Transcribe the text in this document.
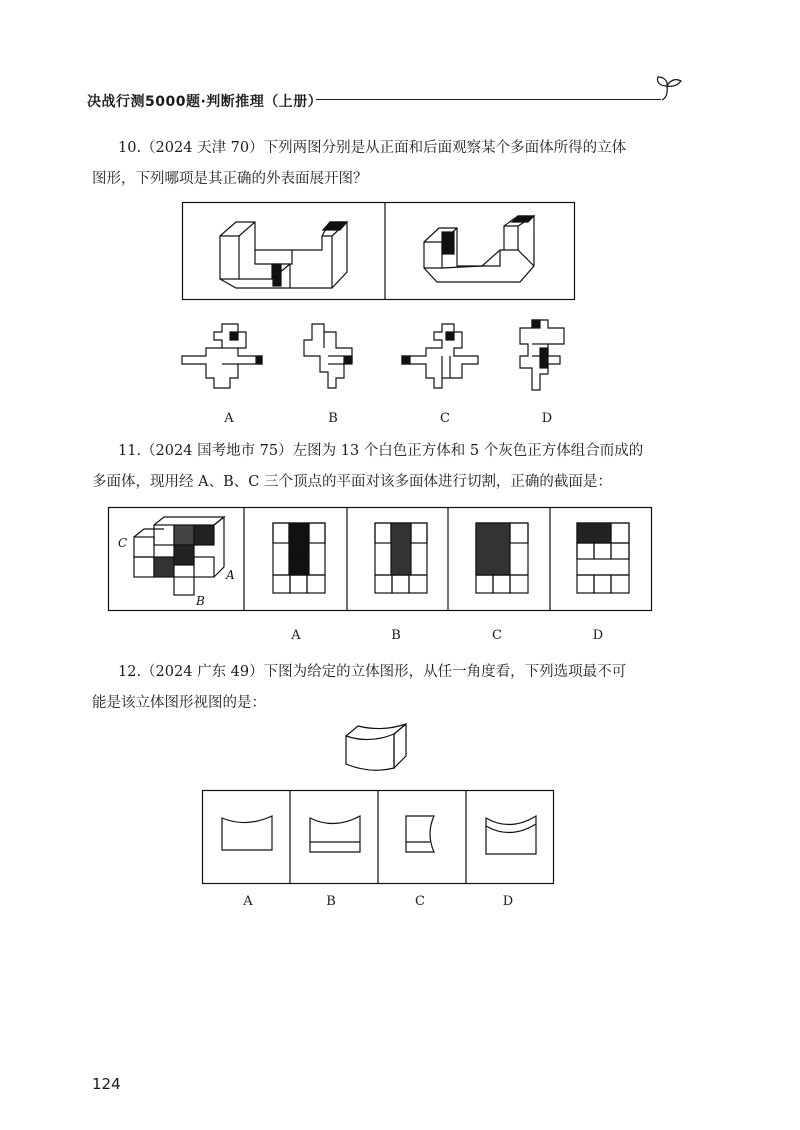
决战行测5000题·判断推理（上册）
10.（2024 天津 70）下列两图分别是从正面和后面观察某个多面体所得的立体
图形，下列哪项是其正确的外表面展开图？
A	B	C	D
11.（2024 国考地市 75）左图为 13 个白色正方体和 5 个灰色正方体组合而成的
多面体，现用经 A、B、C 三个顶点的平面对该多面体进行切割，正确的截面是：
C
A
B
A	B	C	D
12.（2024 广东 49）下图为给定的立体图形，从任一角度看，下列选项最不可
能是该立体图形视图的是：
A	B	C	D
124
